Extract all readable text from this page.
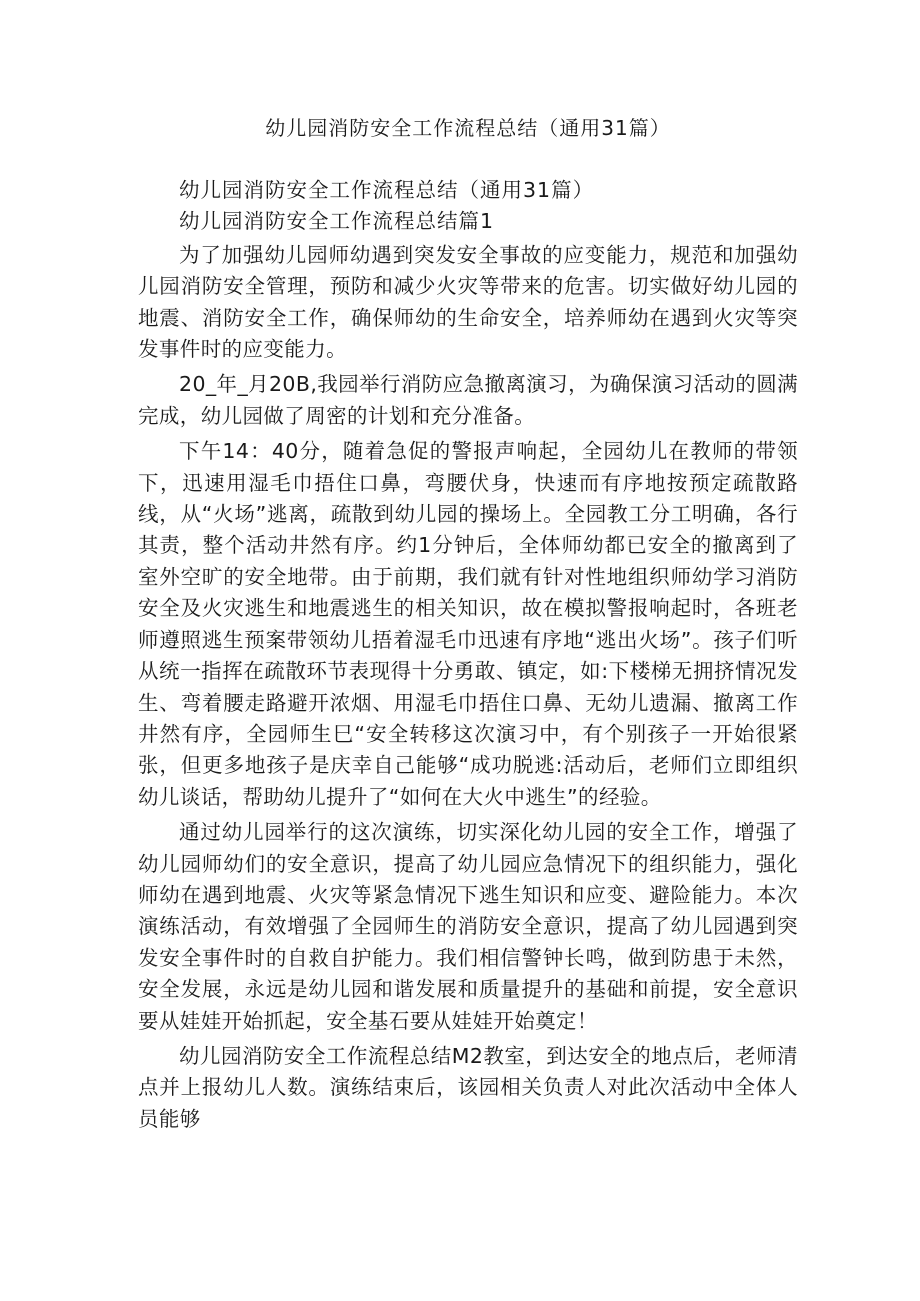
幼儿园消防安全工作流程总结（通用31篇）

幼儿园消防安全工作流程总结（通用31篇）

幼儿园消防安全工作流程总结篇1

为了加强幼儿园师幼遇到突发安全事故的应变能力，规范和加强幼儿园消防安全管理，预防和减少火灾等带来的危害。切实做好幼儿园的地震、消防安全工作，确保师幼的生命安全，培养师幼在遇到火灾等突发事件时的应变能力。

20_年_月20B,我园举行消防应急撤离演习，为确保演习活动的圆满完成，幼儿园做了周密的计划和充分准备。

下午14：40分，随着急促的警报声响起，全园幼儿在教师的带领下，迅速用湿毛巾捂住口鼻，弯腰伏身，快速而有序地按预定疏散路线，从“火场”逃离，疏散到幼儿园的操场上。全园教工分工明确，各行其责，整个活动井然有序。约1分钟后，全体师幼都已安全的撤离到了室外空旷的安全地带。由于前期，我们就有针对性地组织师幼学习消防安全及火灾逃生和地震逃生的相关知识，故在模拟警报响起时，各班老师遵照逃生预案带领幼儿捂着湿毛巾迅速有序地“逃出火场”。孩子们听从统一指挥在疏散环节表现得十分勇敢、镇定，如:下楼梯无拥挤情况发生、弯着腰走路避开浓烟、用湿毛巾捂住口鼻、无幼儿遗漏、撤离工作井然有序，全园师生巳“安全转移这次演习中，有个别孩子一开始很紧张，但更多地孩子是庆幸自己能够“成功脱逃:活动后，老师们立即组织幼儿谈话，帮助幼儿提升了“如何在大火中逃生”的经验。

通过幼儿园举行的这次演练，切实深化幼儿园的安全工作，增强了幼儿园师幼们的安全意识，提高了幼儿园应急情况下的组织能力，强化师幼在遇到地震、火灾等紧急情况下逃生知识和应变、避险能力。本次演练活动，有效增强了全园师生的消防安全意识，提高了幼儿园遇到突发安全事件时的自救自护能力。我们相信警钟长鸣，做到防患于未然，安全发展，永远是幼儿园和谐发展和质量提升的基础和前提，安全意识要从娃娃开始抓起，安全基石要从娃娃开始奠定！

幼儿园消防安全工作流程总结M2教室，到达安全的地点后，老师清点并上报幼儿人数。演练结束后，该园相关负责人对此次活动中全体人员能够
